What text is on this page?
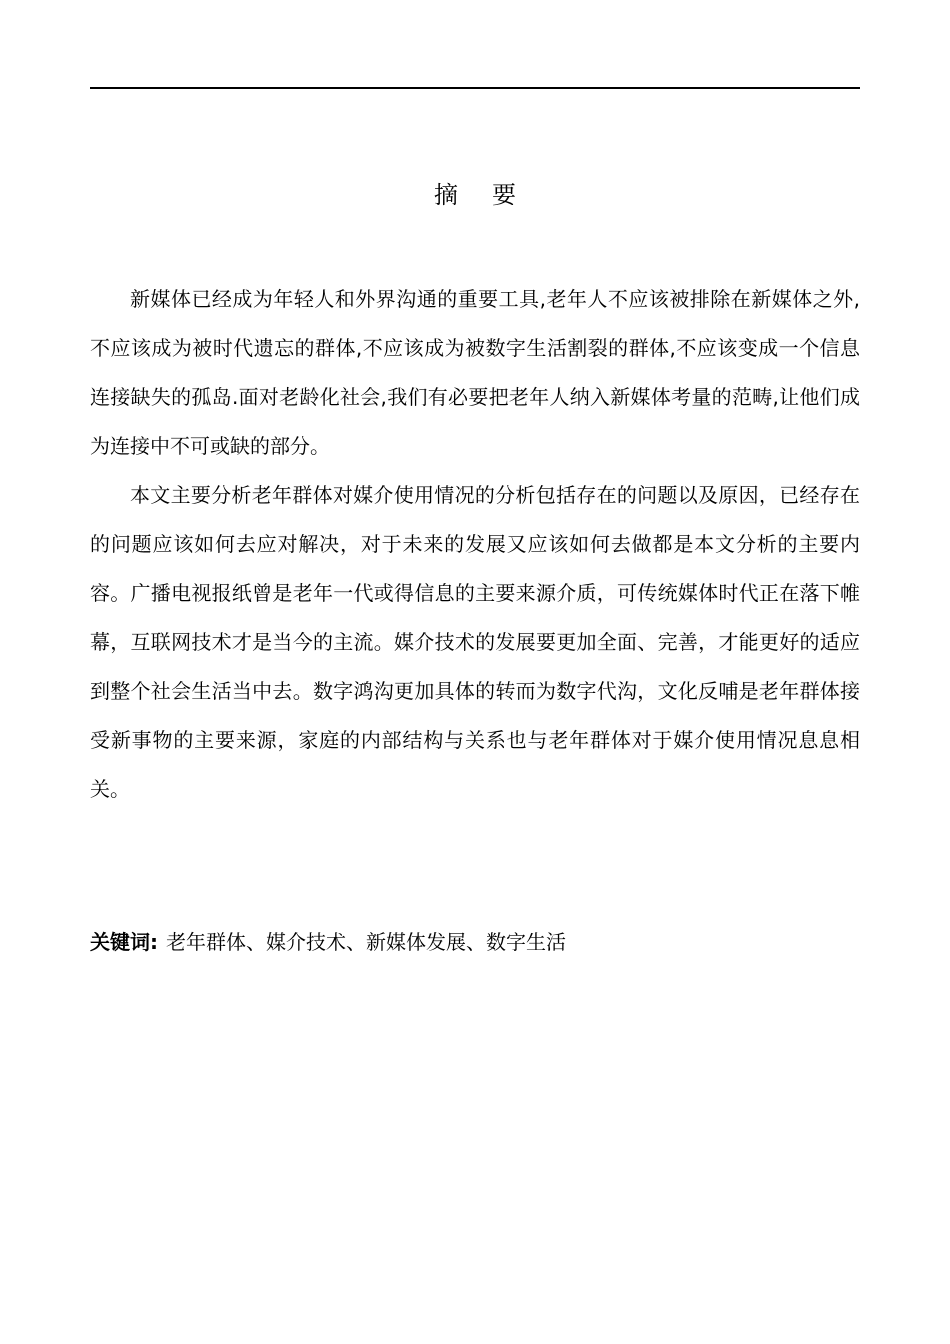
摘要

新媒体已经成为年轻人和外界沟通的重要工具,老年人不应该被排除在新媒体之外,不应该成为被时代遗忘的群体,不应该成为被数字生活割裂的群体,不应该变成一个信息连接缺失的孤岛.面对老龄化社会,我们有必要把老年人纳入新媒体考量的范畴,让他们成为连接中不可或缺的部分。

本文主要分析老年群体对媒介使用情况的分析包括存在的问题以及原因，已经存在的问题应该如何去应对解决，对于未来的发展又应该如何去做都是本文分析的主要内容。广播电视报纸曾是老年一代或得信息的主要来源介质，可传统媒体时代正在落下帷幕，互联网技术才是当今的主流。媒介技术的发展要更加全面、完善，才能更好的适应到整个社会生活当中去。数字鸿沟更加具体的转而为数字代沟，文化反哺是老年群体接受新事物的主要来源，家庭的内部结构与关系也与老年群体对于媒介使用情况息息相关。

关键词: 老年群体、媒介技术、新媒体发展、数字生活
